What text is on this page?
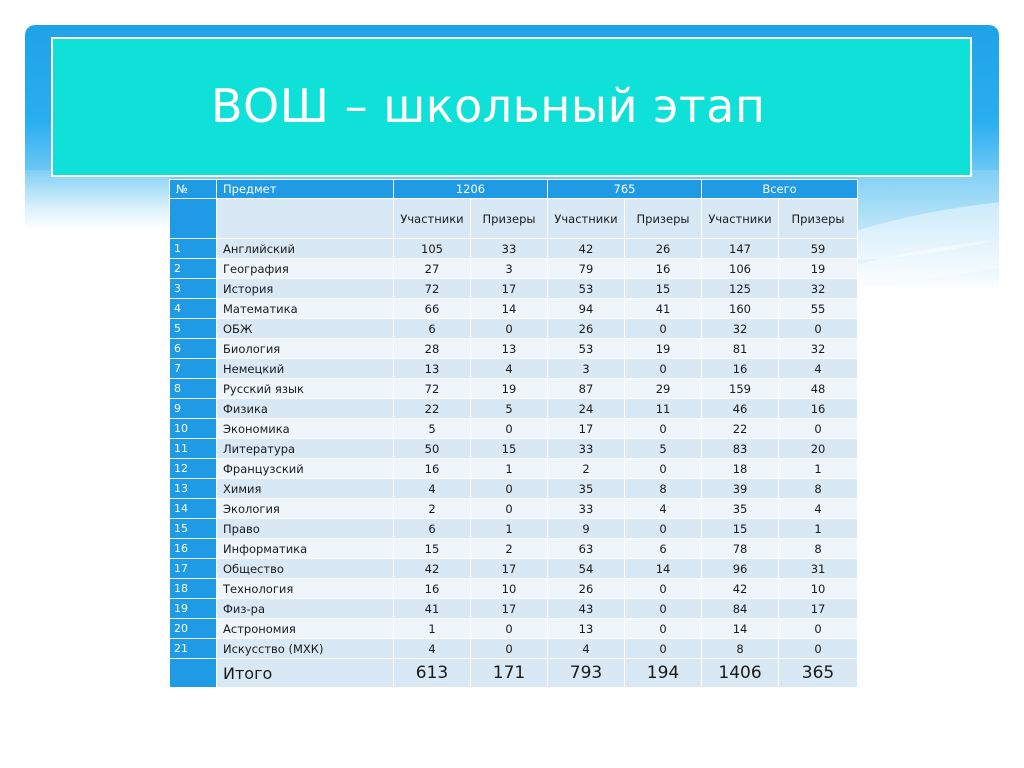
ВОШ – школьный этап
№	Предмет	1206		765		Всего	
		Участники	Призеры	Участники	Призеры	Участники	Призеры
1	Английский	105	33	42	26	147	59
2	География	27	3	79	16	106	19
3	История	72	17	53	15	125	32
4	Математика	66	14	94	41	160	55
5	ОБЖ	6	0	26	0	32	0
6	Биология	28	13	53	19	81	32
7	Немецкий	13	4	3	0	16	4
8	Русский язык	72	19	87	29	159	48
9	Физика	22	5	24	11	46	16
10	Экономика	5	0	17	0	22	0
11	Литература	50	15	33	5	83	20
12	Французский	16	1	2	0	18	1
13	Химия	4	0	35	8	39	8
14	Экология	2	0	33	4	35	4
15	Право	6	1	9	0	15	1
16	Информатика	15	2	63	6	78	8
17	Общество	42	17	54	14	96	31
18	Технология	16	10	26	0	42	10
19	Физ-ра	41	17	43	0	84	17
20	Астрономия	1	0	13	0	14	0
21	Искусство (МХК)	4	0	4	0	8	0
	Итого	613	171	793	194	1406	365
